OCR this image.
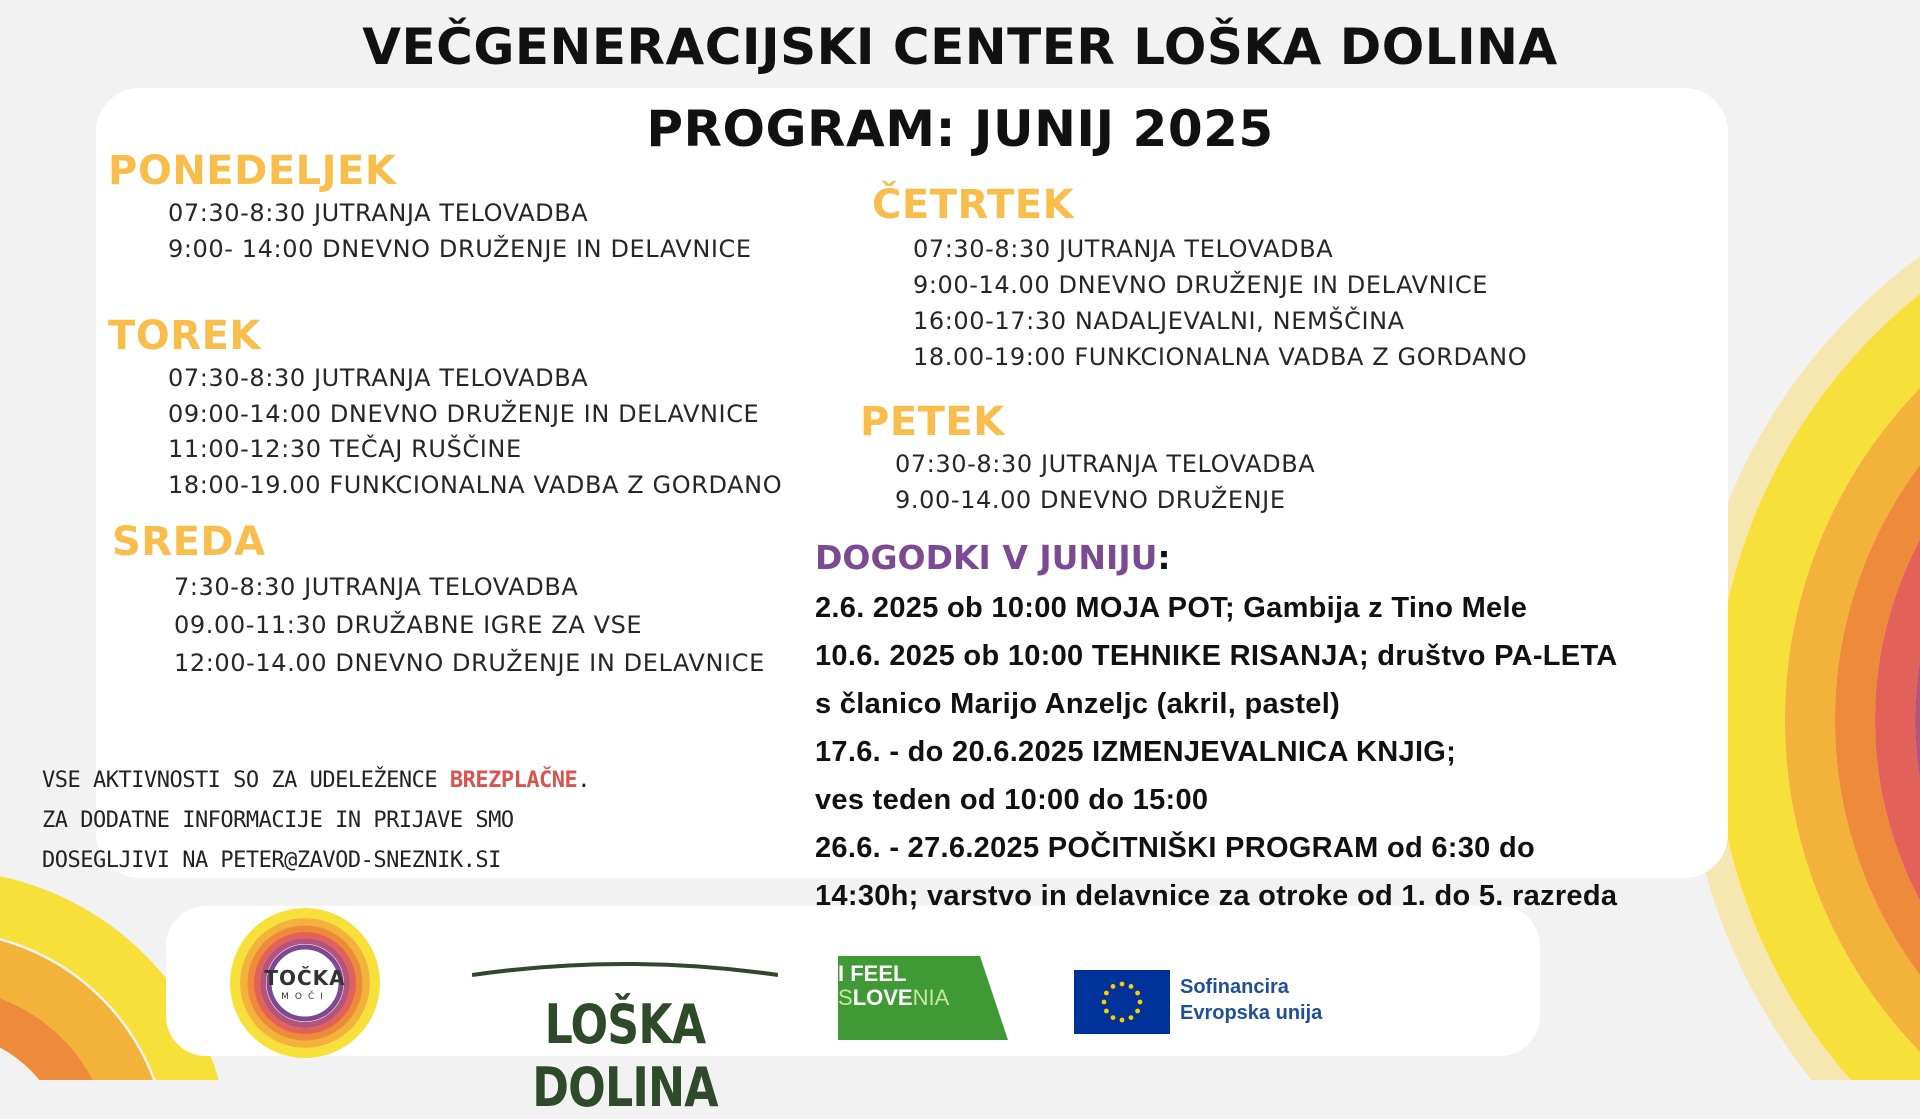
VEČGENERACIJSKI CENTER LOŠKA DOLINA
PROGRAM: JUNIJ 2025
PONEDELJEK
07:30-8:30 JUTRANJA TELOVADBA
9:00- 14:00 DNEVNO DRUŽENJE IN DELAVNICE
TOREK
07:30-8:30 JUTRANJA TELOVADBA
09:00-14:00 DNEVNO DRUŽENJE IN DELAVNICE
11:00-12:30 TEČAJ RUŠČINE
18:00-19.00 FUNKCIONALNA VADBA Z GORDANO
SREDA
7:30-8:30 JUTRANJA TELOVADBA
09.00-11:30 DRUŽABNE IGRE ZA VSE
12:00-14.00 DNEVNO DRUŽENJE IN DELAVNICE
ČETRTEK
07:30-8:30 JUTRANJA TELOVADBA
9:00-14.00 DNEVNO DRUŽENJE IN DELAVNICE
16:00-17:30 NADALJEVALNI, NEMŠČINA
18.00-19:00 FUNKCIONALNA VADBA Z GORDANO
PETEK
07:30-8:30 JUTRANJA TELOVADBA
9.00-14.00 DNEVNO DRUŽENJE
VSE AKTIVNOSTI SO ZA UDELEŽENCE BREZPLAČNE.
ZA DODATNE INFORMACIJE IN PRIJAVE SMO
DOSEGLJIVI NA PETER@ZAVOD-SNEZNIK.SI
DOGODKI V JUNIJU:
2.6. 2025 ob 10:00 MOJA POT; Gambija z Tino Mele
10.6. 2025 ob 10:00 TEHNIKE RISANJA; društvo PA-LETA
s članico Marijo Anzeljc (akril, pastel)
17.6. - do 20.6.2025 IZMENJEVALNICA KNJIG;
ves teden od 10:00 do 15:00
26.6. - 27.6.2025 POČITNIŠKI PROGRAM od 6:30 do
14:30h; varstvo in delavnice za otroke od 1. do 5. razreda
TOČKA
MOČI	LOŠKA DOLINA
I FEEL
SLOVENIA	Sofinancira
Evropska unija
